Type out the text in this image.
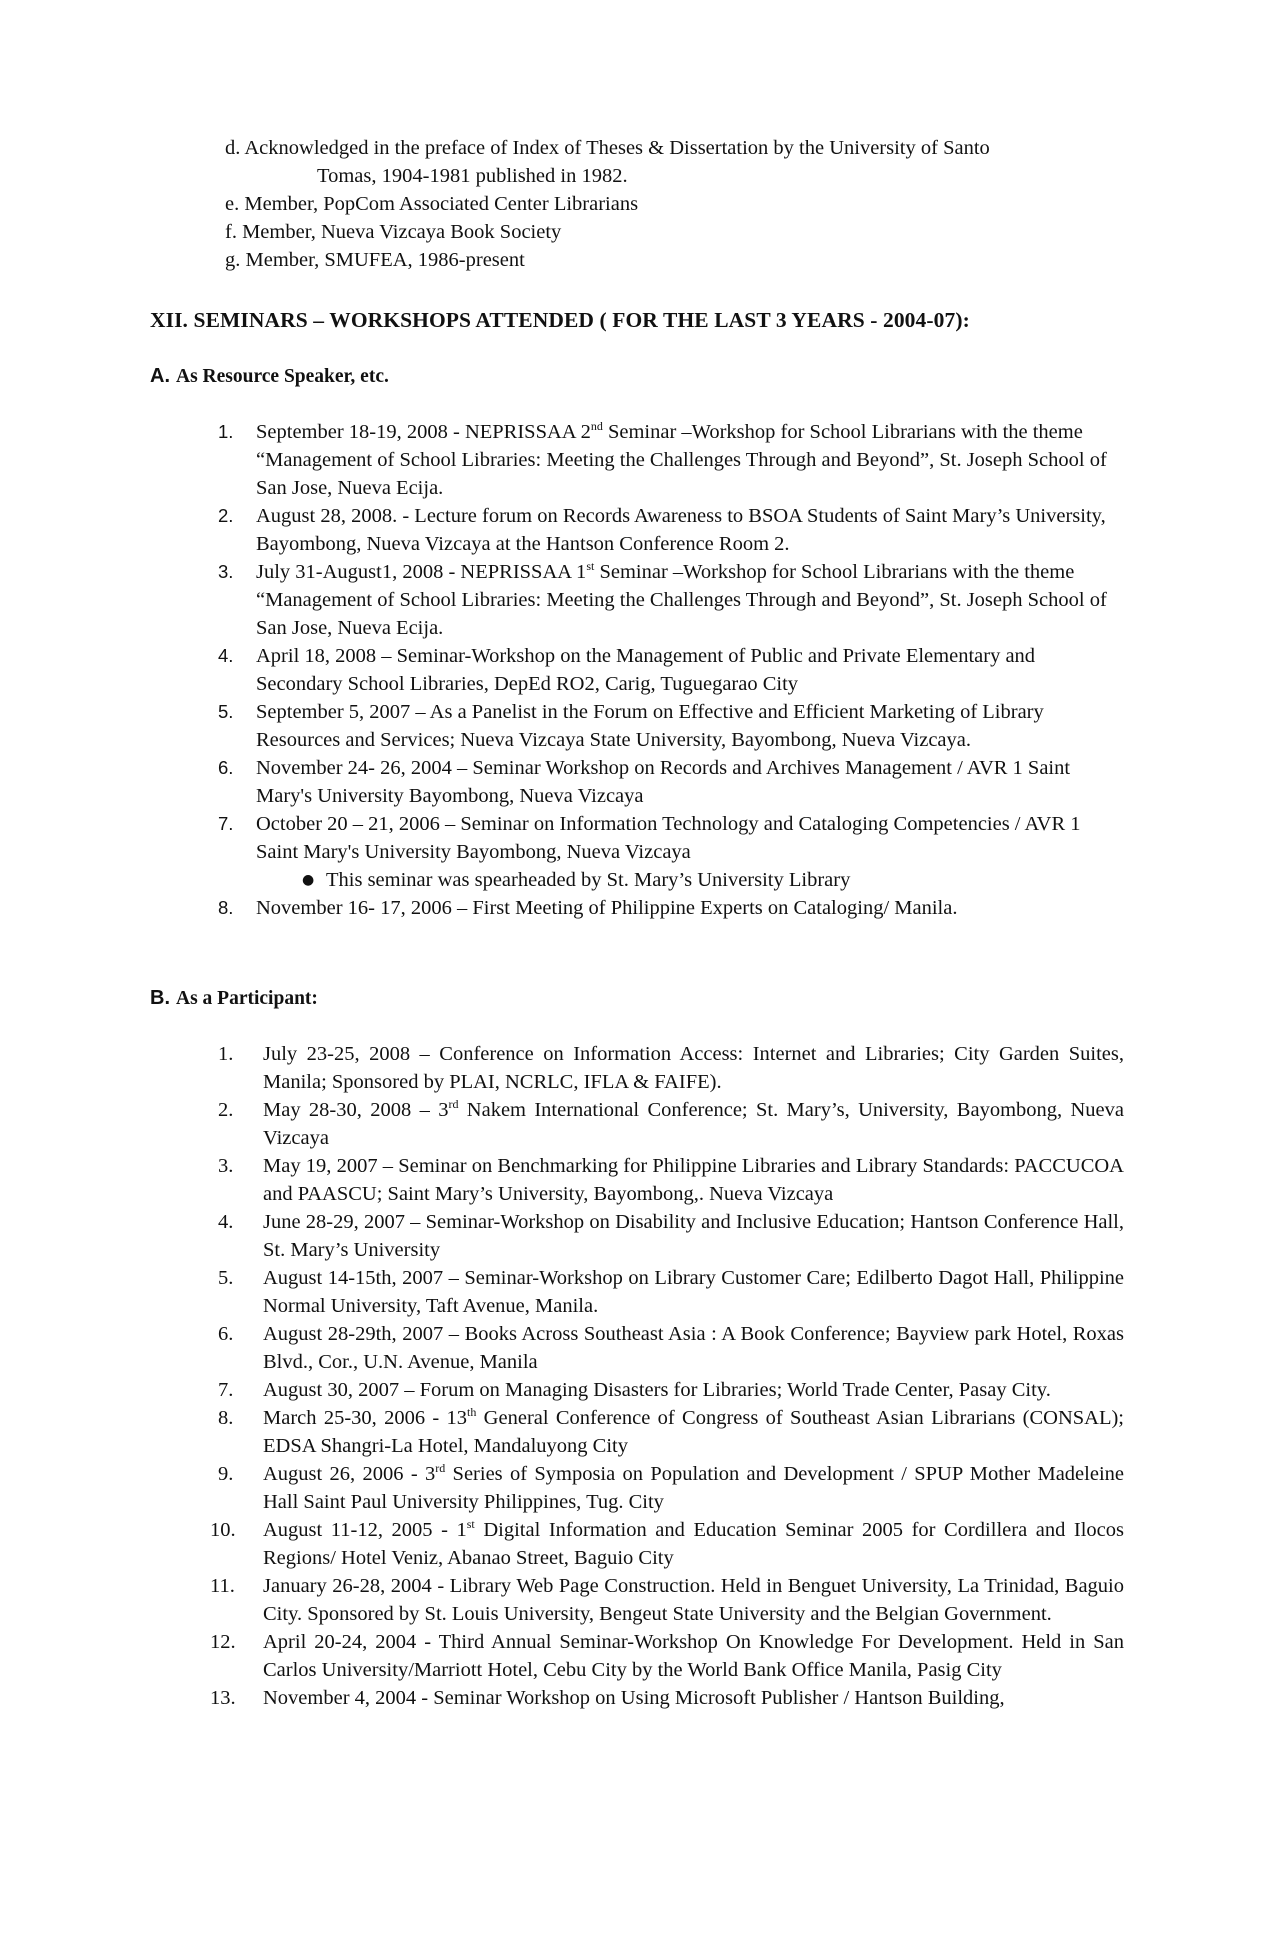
d. Acknowledged in the preface of Index of Theses & Dissertation by the University of Santo
Tomas, 1904-1981 published in 1982.
e. Member, PopCom Associated Center Librarians
f. Member, Nueva Vizcaya Book Society
g. Member, SMUFEA, 1986-present
XII. SEMINARS – WORKSHOPS ATTENDED ( FOR THE LAST 3 YEARS - 2004-07):
A. As Resource Speaker, etc.
1. September 18-19, 2008 - NEPRISSAA 2nd Seminar –Workshop for School Librarians with the theme “Management of School Libraries: Meeting the Challenges Through and Beyond”, St. Joseph School of San Jose, Nueva Ecija.
2. August 28, 2008. - Lecture forum on Records Awareness to BSOA Students of Saint Mary’s University, Bayombong, Nueva Vizcaya at the Hantson Conference Room 2.
3. July 31-August1, 2008 - NEPRISSAA 1st Seminar –Workshop for School Librarians with the theme “Management of School Libraries: Meeting the Challenges Through and Beyond”, St. Joseph School of San Jose, Nueva Ecija.
4. April 18, 2008 – Seminar-Workshop on the Management of Public and Private Elementary and Secondary School Libraries, DepEd RO2, Carig, Tuguegarao City
5. September 5, 2007 – As a Panelist in the Forum on Effective and Efficient Marketing of Library Resources and Services; Nueva Vizcaya State University, Bayombong, Nueva Vizcaya.
6. November 24- 26, 2004 – Seminar Workshop on Records and Archives Management / AVR 1 Saint Mary's University Bayombong, Nueva Vizcaya
7. October 20 – 21, 2006 – Seminar on Information Technology and Cataloging Competencies / AVR 1 Saint Mary's University Bayombong, Nueva Vizcaya
● This seminar was spearheaded by St. Mary’s University Library
8. November 16- 17, 2006 – First Meeting of Philippine Experts on Cataloging/ Manila.
B. As a Participant:
1. July 23-25, 2008 – Conference on Information Access: Internet and Libraries; City Garden Suites, Manila; Sponsored by PLAI, NCRLC, IFLA & FAIFE).
2. May 28-30, 2008 – 3rd Nakem International Conference; St. Mary’s, University, Bayombong, Nueva Vizcaya
3. May 19, 2007 – Seminar on Benchmarking for Philippine Libraries and Library Standards: PACCUCOA and PAASCU; Saint Mary’s University, Bayombong,. Nueva Vizcaya
4. June 28-29, 2007 – Seminar-Workshop on Disability and Inclusive Education; Hantson Conference Hall, St. Mary’s University
5. August 14-15th, 2007 – Seminar-Workshop on Library Customer Care; Edilberto Dagot Hall, Philippine Normal University, Taft Avenue, Manila.
6. August 28-29th, 2007 – Books Across Southeast Asia : A Book Conference; Bayview park Hotel, Roxas Blvd., Cor., U.N. Avenue, Manila
7. August 30, 2007 – Forum on Managing Disasters for Libraries; World Trade Center, Pasay City.
8. March 25-30, 2006 - 13th General Conference of Congress of Southeast Asian Librarians (CONSAL); EDSA Shangri-La Hotel, Mandaluyong City
9. August 26, 2006 - 3rd Series of Symposia on Population and Development / SPUP Mother Madeleine Hall Saint Paul University Philippines, Tug. City
10. August 11-12, 2005 - 1st Digital Information and Education Seminar 2005 for Cordillera and Ilocos Regions/ Hotel Veniz, Abanao Street, Baguio City
11. January 26-28, 2004 - Library Web Page Construction. Held in Benguet University, La Trinidad, Baguio City. Sponsored by St. Louis University, Bengeut State University and the Belgian Government.
12. April 20-24, 2004 - Third Annual Seminar-Workshop On Knowledge For Development. Held in San Carlos University/Marriott Hotel, Cebu City by the World Bank Office Manila, Pasig City
13. November 4, 2004 - Seminar Workshop on Using Microsoft Publisher / Hantson Building,
